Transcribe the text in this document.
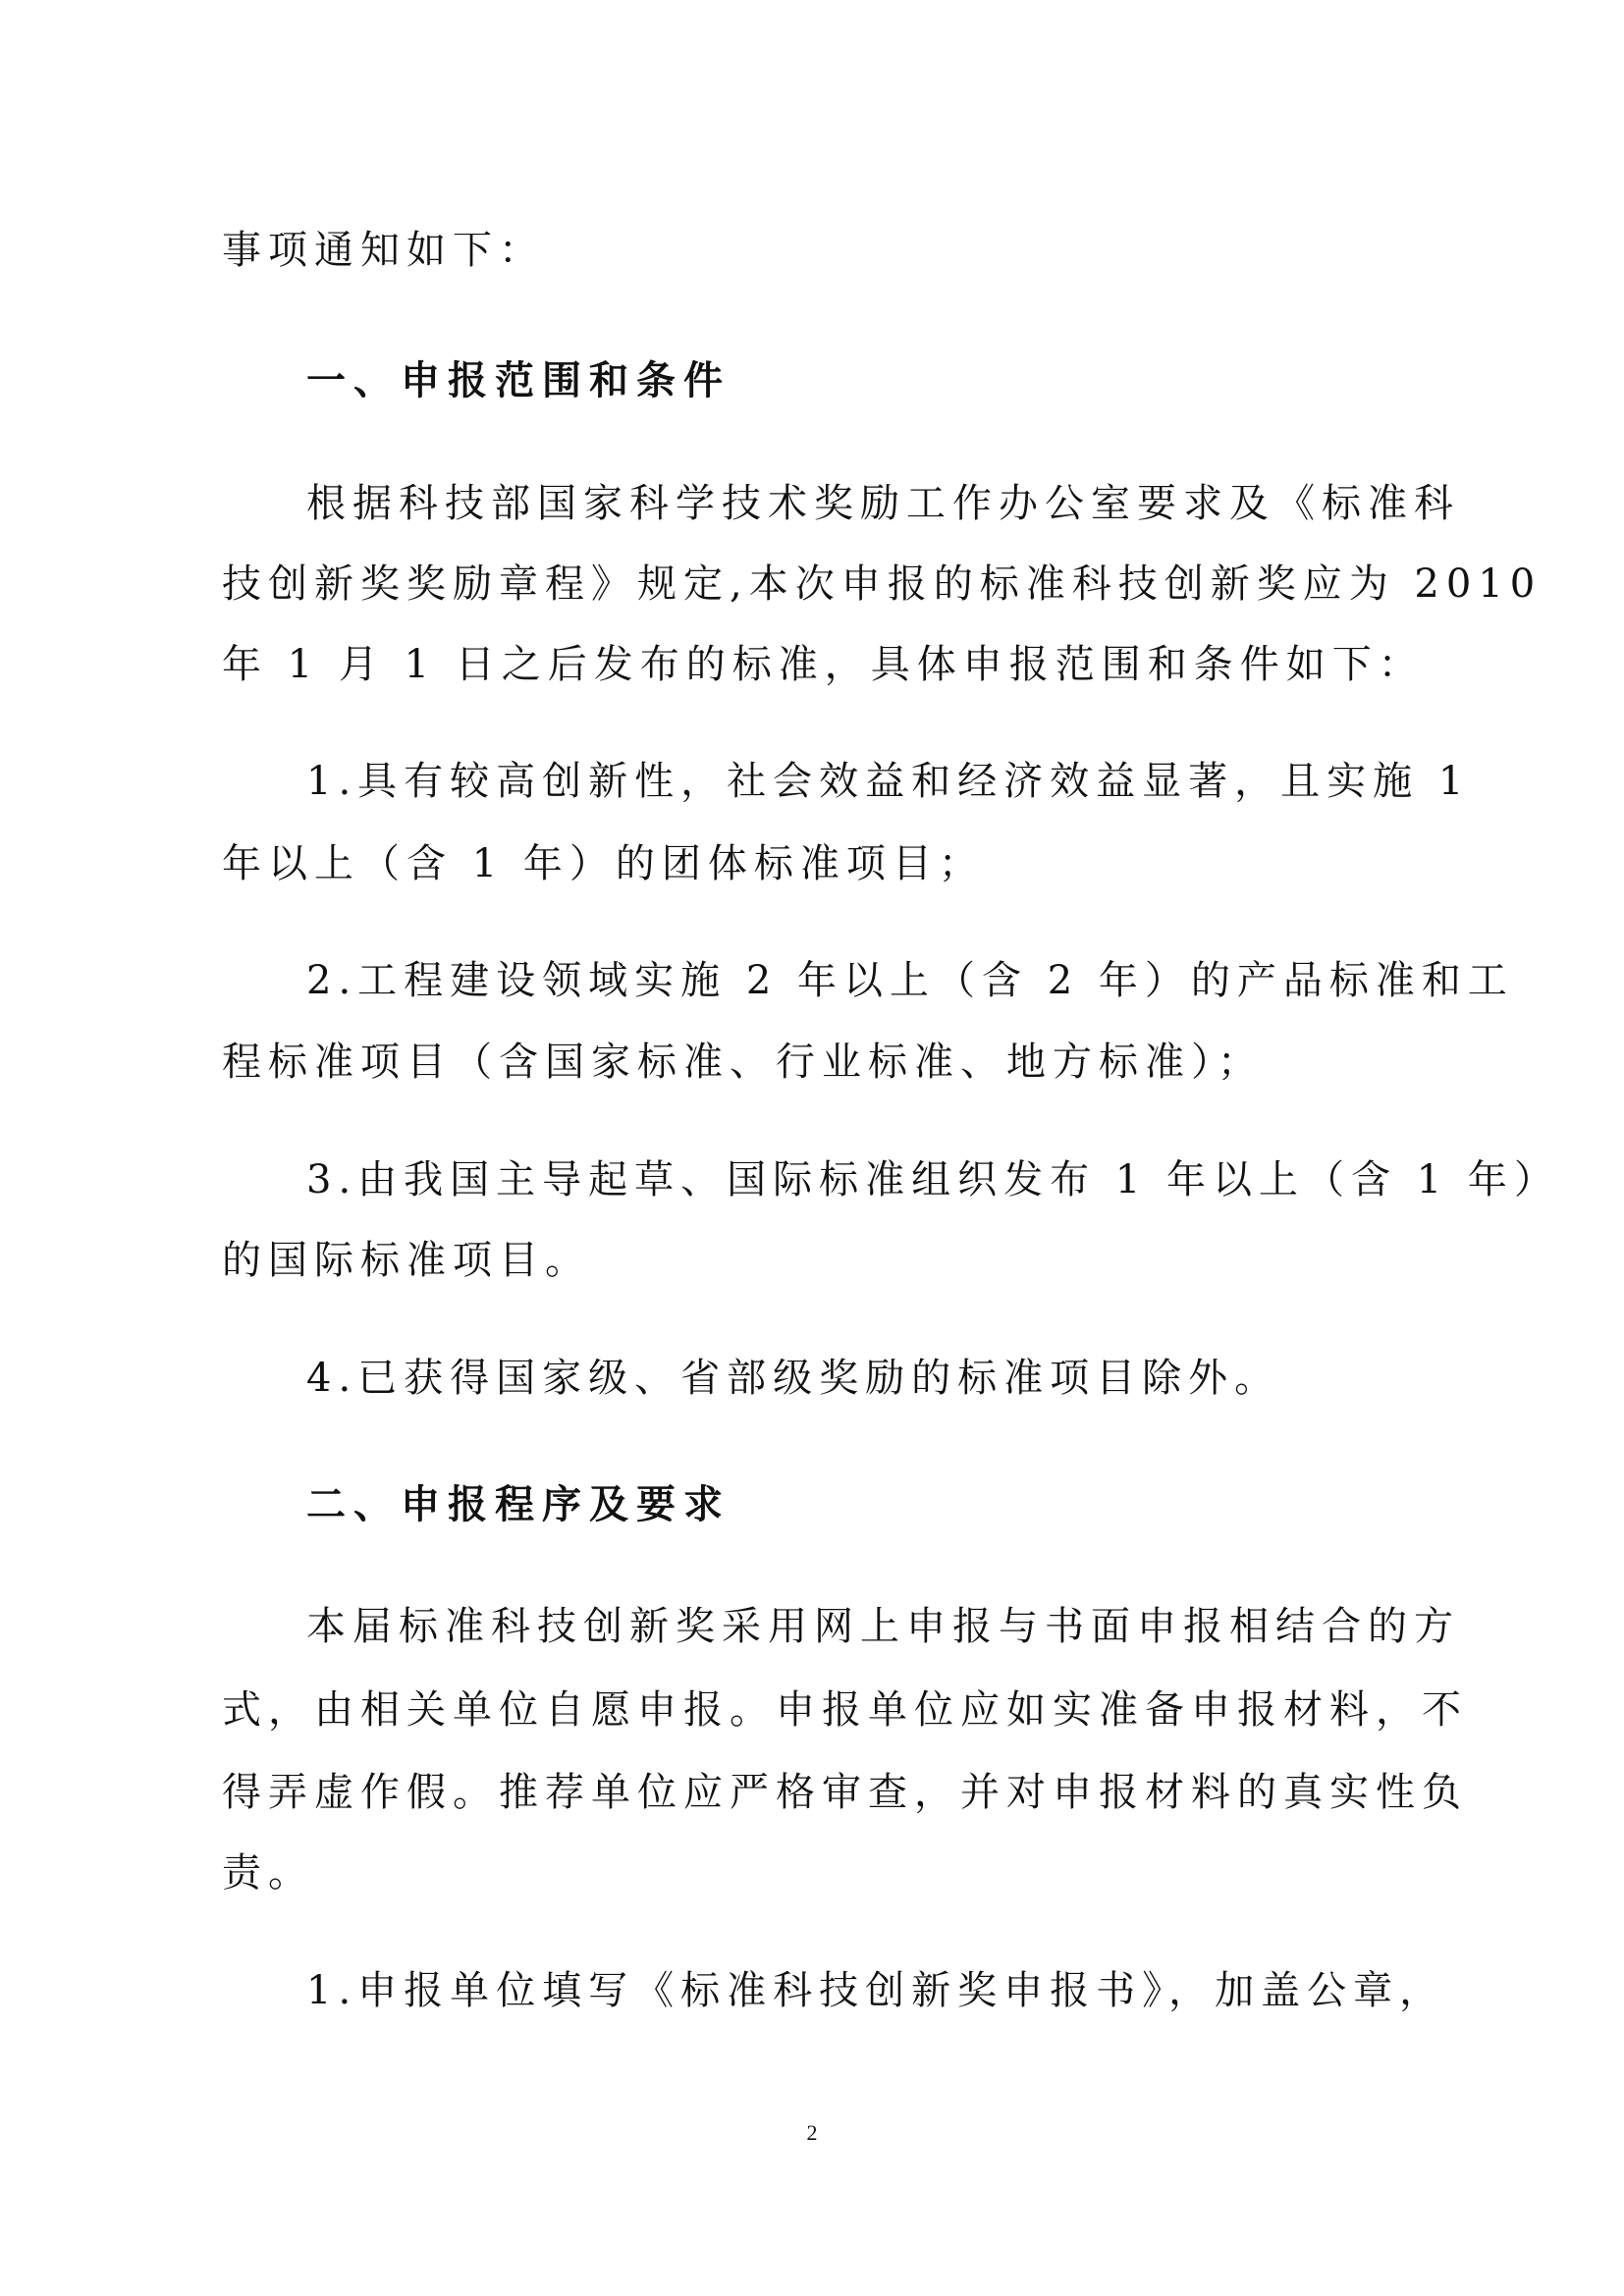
事项通知如下：
一、申报范围和条件
根据科技部国家科学技术奖励工作办公室要求及《标准科
技创新奖奖励章程》规定,本次申报的标准科技创新奖应为 2010
年 1 月 1 日之后发布的标准，具体申报范围和条件如下：
1.具有较高创新性，社会效益和经济效益显著，且实施 1
年以上（含 1 年）的团体标准项目；
2.工程建设领域实施 2 年以上（含 2 年）的产品标准和工
程标准项目（含国家标准、行业标准、地方标准）；
3.由我国主导起草、国际标准组织发布 1 年以上（含 1 年）
的国际标准项目。
4.已获得国家级、省部级奖励的标准项目除外。
二、申报程序及要求
本届标准科技创新奖采用网上申报与书面申报相结合的方
式，由相关单位自愿申报。申报单位应如实准备申报材料，不
得弄虚作假。推荐单位应严格审查，并对申报材料的真实性负
责。
1.申报单位填写《标准科技创新奖申报书》，加盖公章，
2
